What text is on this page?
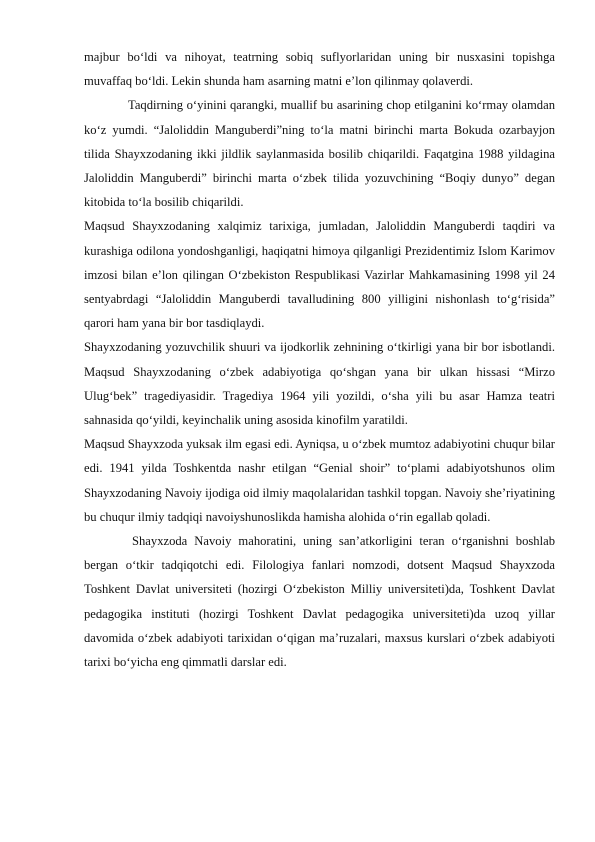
majbur bo‘ldi va nihoyat, teatrning sobiq suflyorlaridan uning bir nusxasini topishga muvaffaq bo‘ldi. Lekin shunda ham asarning matni e’lon qilinmay qolaverdi.

Taqdirning o‘yinini qarangki, muallif bu asarining chop etilganini ko‘rmay olamdan ko‘z yumdi. “Jaloliddin Manguberdi”ning to‘la matni birinchi marta Bokuda ozarbayjon tilida Shayxzodaning ikki jildlik saylanmasida bosilib chiqarildi. Faqatgina 1988 yildagina Jaloliddin Manguberdi” birinchi marta o‘zbek tilida yozuvchining “Boqiy dunyo” degan kitobida to‘la bosilib chiqarildi.

Maqsud Shayxzodaning xalqimiz tarixiga, jumladan, Jaloliddin Manguberdi taqdiri va kurashiga odilona yondoshganligi, haqiqatni himoya qilganligi Prezidentimiz Islom Karimov imzosi bilan e’lon qilingan O‘zbekiston Respublikasi Vazirlar Mahkamasining 1998 yil 24 sentyabrdagi “Jaloliddin Manguberdi tavalludining 800 yilligini nishonlash to‘g‘risida” qarori ham yana bir bor tasdiqlaydi.

Shayxzodaning yozuvchilik shuuri va ijodkorlik zehnining o‘tkirligi yana bir bor isbotlandi. Maqsud Shayxzodaning o‘zbek adabiyotiga qo‘shgan yana bir ulkan hissasi “Mirzo Ulug‘bek” tragediyasidir. Tragediya 1964 yili yozildi, o‘sha yili bu asar Hamza teatri sahnasida qo‘yildi, keyinchalik uning asosida kinofilm yaratildi.

Maqsud Shayxzoda yuksak ilm egasi edi. Ayniqsa, u o‘zbek mumtoz adabiyotini chuqur bilar edi. 1941 yilda Toshkentda nashr etilgan “Genial shoir” to‘plami adabiyotshunos olim Shayxzodaning Navoiy ijodiga oid ilmiy maqolalaridan tashkil topgan. Navoiy she’riyatining bu chuqur ilmiy tadqiqi navoiyshunoslikda hamisha alohida o‘rin egallab qoladi.

Shayxzoda Navoiy mahoratini, uning san’atkorligini teran o‘rganishni boshlab bergan o‘tkir tadqiqotchi edi. Filologiya fanlari nomzodi, dotsent Maqsud Shayxzoda Toshkent Davlat universiteti (hozirgi O‘zbekiston Milliy universiteti)da, Toshkent Davlat pedagogika instituti (hozirgi Toshkent Davlat pedagogika universiteti)da uzoq yillar davomida o‘zbek adabiyoti tarixidan o‘qigan ma’ruzalari, maxsus kurslari o‘zbek adabiyoti tarixi bo‘yicha eng qimmatli darslar edi.
